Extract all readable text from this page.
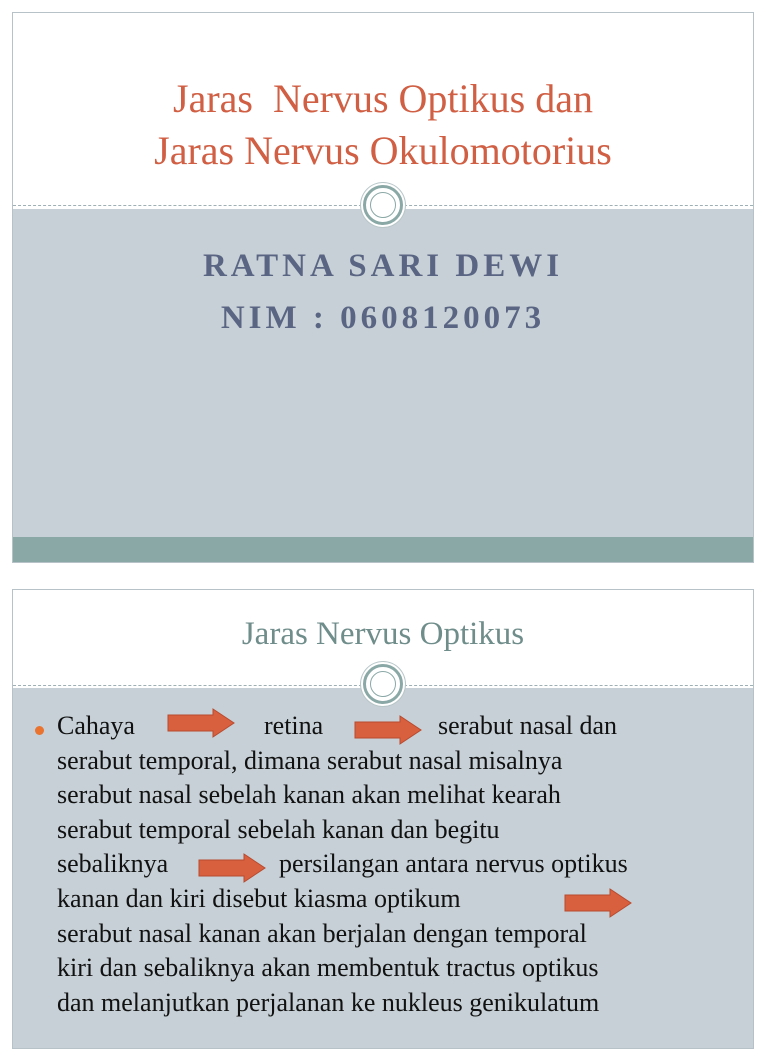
Jaras  Nervus Optikus dan
Jaras Nervus Okulomotorius
RATNA SARI DEWI
NIM : 0608120073
Jaras Nervus Optikus
Cahaya	retina	serabut nasal dan
serabut temporal, dimana serabut nasal misalnya
serabut nasal sebelah kanan akan melihat kearah
serabut temporal sebelah kanan dan begitu
sebaliknya	persilangan antara nervus optikus
kanan dan kiri disebut kiasma optikum
serabut nasal kanan akan berjalan dengan temporal
kiri dan sebaliknya akan membentuk tractus optikus
dan melanjutkan perjalanan ke nukleus genikulatum
